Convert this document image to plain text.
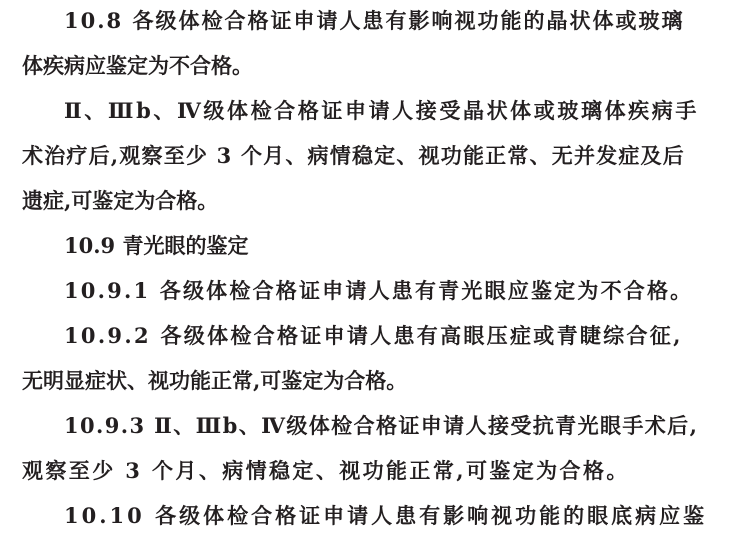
10.8 各级体检合格证申请人患有影响视功能的晶状体或玻璃
体疾病应鉴定为不合格。
Ⅱ、Ⅲb、Ⅳ级体检合格证申请人接受晶状体或玻璃体疾病手
术治疗后,观察至少 3 个月、病情稳定、视功能正常、无并发症及后
遗症,可鉴定为合格。
10.9 青光眼的鉴定
10.9.1 各级体检合格证申请人患有青光眼应鉴定为不合格。
10.9.2 各级体检合格证申请人患有高眼压症或青睫综合征,
无明显症状、视功能正常,可鉴定为合格。
10.9.3 Ⅱ、Ⅲb、Ⅳ级体检合格证申请人接受抗青光眼手术后,
观察至少 3 个月、病情稳定、视功能正常,可鉴定为合格。
10.10 各级体检合格证申请人患有影响视功能的眼底病应鉴
